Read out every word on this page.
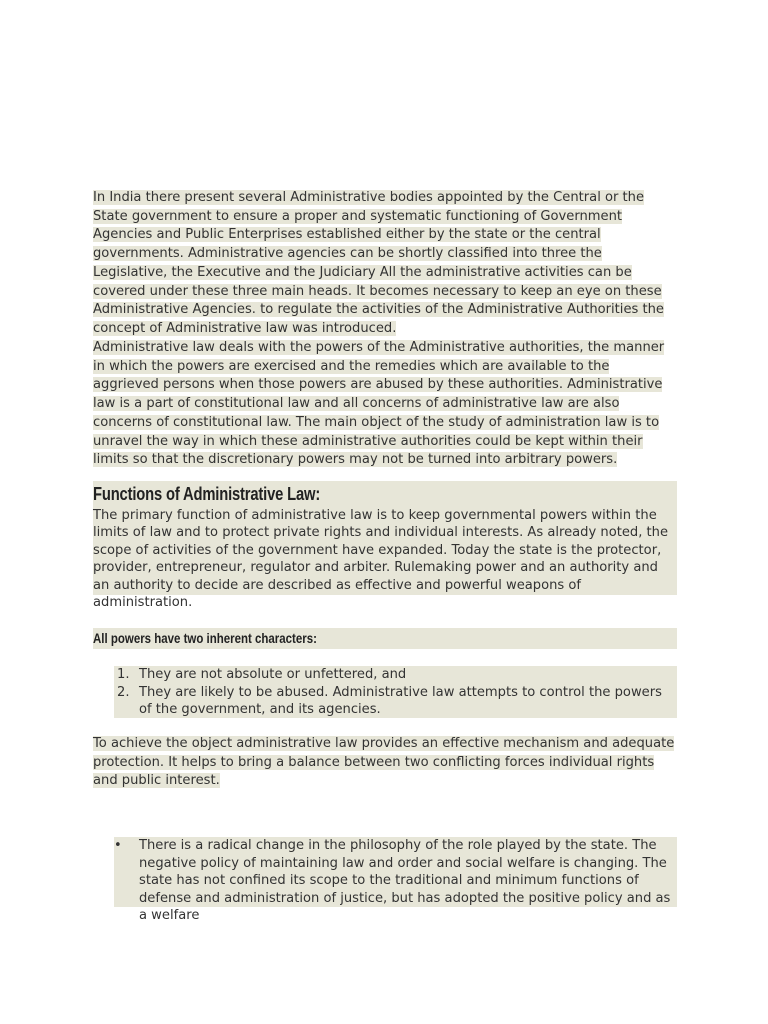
In India there present several Administrative bodies appointed by the Central or the State government to ensure a proper and systematic functioning of Government Agencies and Public Enterprises established either by the state or the central governments. Administrative agencies can be shortly classified into three the Legislative, the Executive and the Judiciary All the administrative activities can be covered under these three main heads. It becomes necessary to keep an eye on these Administrative Agencies. to regulate the activities of the Administrative Authorities the concept of Administrative law was introduced.

Administrative law deals with the powers of the Administrative authorities, the manner in which the powers are exercised and the remedies which are available to the aggrieved persons when those powers are abused by these authorities. Administrative law is a part of constitutional law and all concerns of administrative law are also concerns of constitutional law. The main object of the study of administration law is to unravel the way in which these administrative authorities could be kept within their limits so that the discretionary powers may not be turned into arbitrary powers.

Functions of Administrative Law:

The primary function of administrative law is to keep governmental powers within the limits of law and to protect private rights and individual interests. As already noted, the scope of activities of the government have expanded. Today the state is the protector, provider, entrepreneur, regulator and arbiter. Rulemaking power and an authority and an authority to decide are described as effective and powerful weapons of administration.

All powers have two inherent characters:
1. They are not absolute or unfettered, and
2. They are likely to be abused. Administrative law attempts to control the powers of the government, and its agencies.

To achieve the object administrative law provides an effective mechanism and adequate protection. It helps to bring a balance between two conflicting forces individual rights and public interest.

• There is a radical change in the philosophy of the role played by the state. The negative policy of maintaining law and order and social welfare is changing. The state has not confined its scope to the traditional and minimum functions of defense and administration of justice, but has adopted the positive policy and as a welfare
